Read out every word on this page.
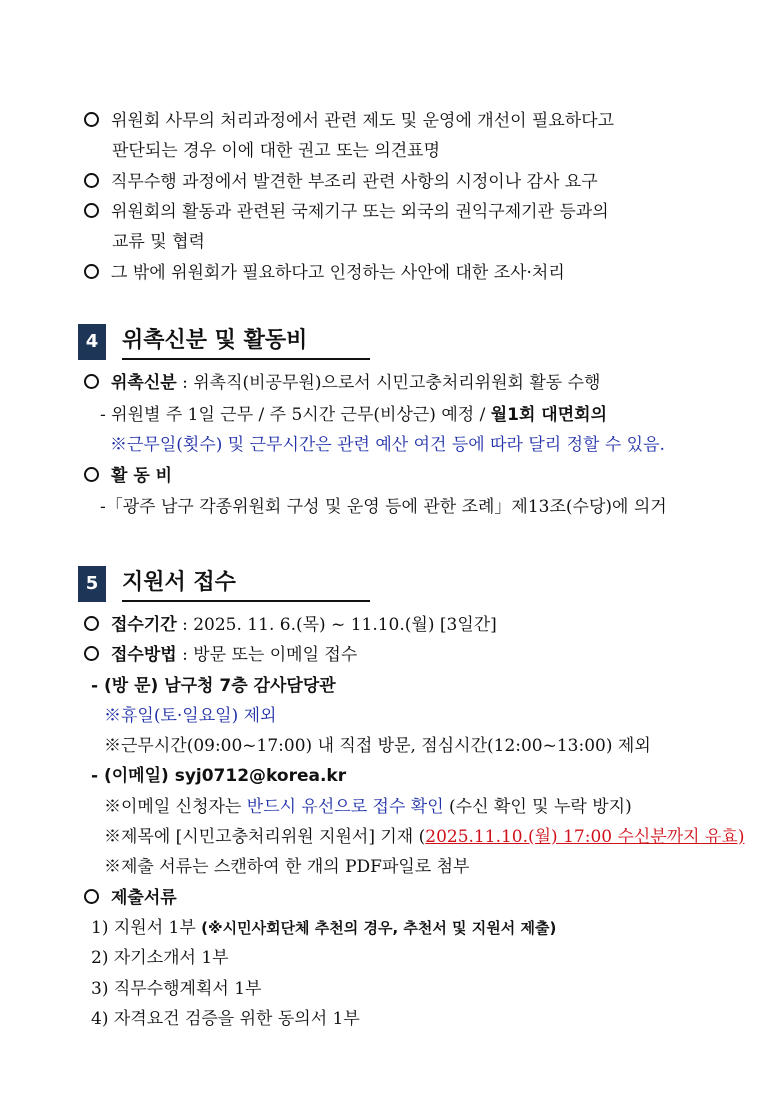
위원회 사무의 처리과정에서 관련 제도 및 운영에 개선이 필요하다고
판단되는 경우 이에 대한 권고 또는 의견표명
직무수행 과정에서 발견한 부조리 관련 사항의 시정이나 감사 요구
위원회의 활동과 관련된 국제기구 또는 외국의 권익구제기관 등과의
교류 및 협력
그 밖에 위원회가 필요하다고 인정하는 사안에 대한 조사·처리
4	위촉신분 및 활동비
위촉신분 : 위촉직(비공무원)으로서 시민고충처리위원회 활동 수행
- 위원별 주 1일 근무 / 주 5시간 근무(비상근) 예정 / 월1회 대면회의
※근무일(횟수) 및 근무시간은 관련 예산 여건 등에 따라 달리 정할 수 있음.
활 동 비
-「광주 남구 각종위원회 구성 및 운영 등에 관한 조례」제13조(수당)에 의거
5	지원서 접수
접수기간 : 2025. 11. 6.(목) ~ 11.10.(월) [3일간]
접수방법 : 방문 또는 이메일 접수
- (방 문) 남구청 7층 감사담당관
※휴일(토·일요일) 제외
※근무시간(09:00~17:00) 내 직접 방문, 점심시간(12:00~13:00) 제외
- (이메일) syj0712@korea.kr
※이메일 신청자는 반드시 유선으로 접수 확인 (수신 확인 및 누락 방지)
※제목에 [시민고충처리위원 지원서] 기재 (2025.11.10.(월) 17:00 수신분까지 유효)
※제출 서류는 스캔하여 한 개의 PDF파일로 첨부
제출서류
1) 지원서 1부 (※시민사회단체 추천의 경우, 추천서 및 지원서 제출)
2) 자기소개서 1부
3) 직무수행계획서 1부
4) 자격요건 검증을 위한 동의서 1부
